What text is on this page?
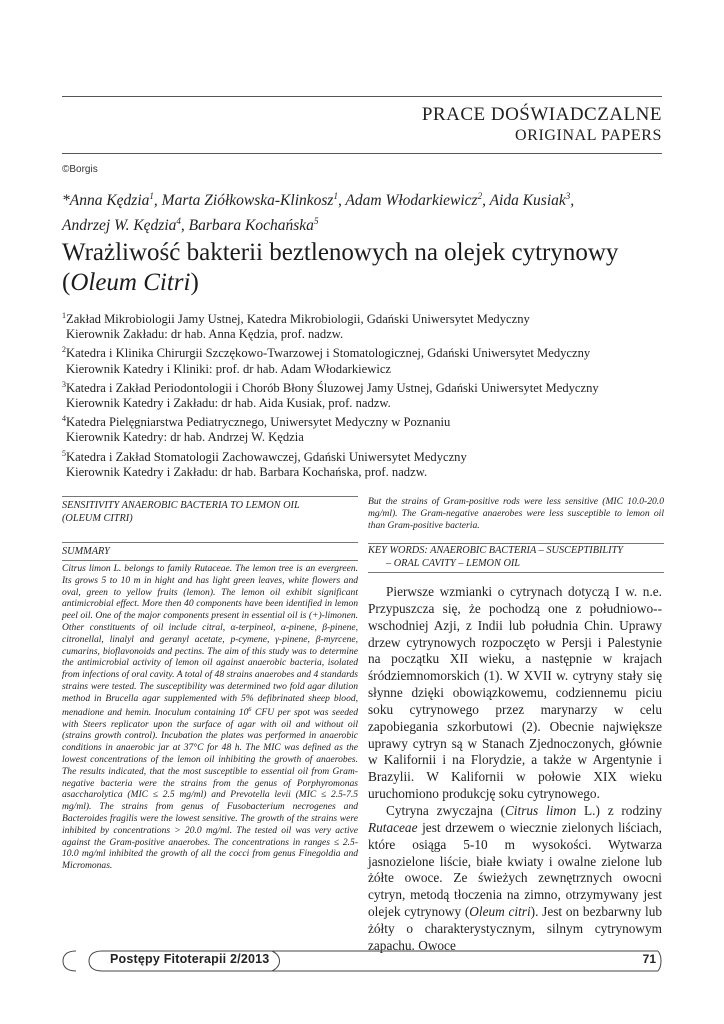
PRACE DOŚWIADCZALNE
ORIGINAL PAPERS
©Borgis
*Anna Kędzia$^1$, Marta Ziółkowska-Klinkosz$^1$, Adam Włodarkiewicz$^2$, Aida Kusiak$^3$,
Andrzej W. Kędzia$^4$, Barbara Kochańska$^5$
Wrażliwość bakterii beztlenowych na olejek cytrynowy
(Oleum Citri)
$^1$Zakład Mikrobiologii Jamy Ustnej, Katedra Mikrobiologii, Gdański Uniwersytet Medyczny
Kierownik Zakładu: dr hab. Anna Kędzia, prof. nadzw.
$^2$Katedra i Klinika Chirurgii Szczękowo-Twarzowej i Stomatologicznej, Gdański Uniwersytet Medyczny
Kierownik Katedry i Kliniki: prof. dr hab. Adam Włodarkiewicz
$^3$Katedra i Zakład Periodontologii i Chorób Błony Śluzowej Jamy Ustnej, Gdański Uniwersytet Medyczny
Kierownik Katedry i Zakładu: dr hab. Aida Kusiak, prof. nadzw.
$^4$Katedra Pielęgniarstwa Pediatrycznego, Uniwersytet Medyczny w Poznaniu
Kierownik Katedry: dr hab. Andrzej W. Kędzia
$^5$Katedra i Zakład Stomatologii Zachowawczej, Gdański Uniwersytet Medyczny
Kierownik Katedry i Zakładu: dr hab. Barbara Kochańska, prof. nadzw.
SENSITIVITY ANAEROBIC BACTERIA TO LEMON OIL
(OLEUM CITRI)
SUMMARY
Citrus limon L. belongs to family Rutaceae. The lemon tree is an evergreen. Its grows 5 to 10 m in hight and has light green leaves, white flowers and oval, green to yellow fruits (lemon). The lemon oil exhibit significant antimicrobial effect. More then 40 components have been identified in lemon peel oil. One of the major components present in essential oil is (+)-limonen. Other constituents of oil include citral, α-terpineol, α-pinene, β-pinene, citronellal, linalyl and geranyl acetate, p-cymene, γ-pinene, β-myrcene, cumarins, bioflavonoids and pectins. The aim of this study was to determine the antimicrobial activity of lemon oil against anaerobic bacteria, isolated from infections of oral cavity. A total of 48 strains anaerobes and 4 standards strains were tested. The susceptibility was determined two fold agar dilution method in Brucella agar supplemented with 5% defibrinated sheep blood, menadione and hemin. Inoculum containing $10^6$ CFU per spot was seeded with Steers replicator upon the surface of agar with oil and without oil (strains growth control). Incubation the plates was performed in anaerobic conditions in anaerobic jar at 37°C for 48 h. The MIC was defined as the lowest concentrations of the lemon oil inhibiting the growth of anaerobes. The results indicated, that the most susceptible to essential oil from Gram-negative bacteria were the strains from the genus of Porphyromonas asaccharolytica (MIC ≤ 2.5 mg/ml) and Prevotella levii (MIC ≤ 2.5-7.5 mg/ml). The strains from genus of Fusobacterium necrogenes and Bacteroides fragilis were the lowest sensitive. The growth of the strains were inhibited by concentrations > 20.0 mg/ml. The tested oil was very active against the Gram-positive anaerobes. The concentrations in ranges ≤ 2.5-10.0 mg/ml inhibited the growth of all the cocci from genus Finegoldia and Micromonas.
But the strains of Gram-positive rods were less sensitive (MIC 10.0-20.0 mg/ml). The Gram-negative anaerobes were less susceptible to lemon oil than Gram-positive bacteria.
KEY WORDS: ANAEROBIC BACTERIA – SUSCEPTIBILITY
– ORAL CAVITY – LEMON OIL

Pierwsze wzmianki o cytrynach dotyczą I w. n.e. Przypuszcza się, że pochodzą one z południowo--wschodniej Azji, z Indii lub południa Chin. Uprawy drzew cytrynowych rozpoczęto w Persji i Palestynie na początku XII wieku, a następnie w krajach śródziemnomorskich (1). W XVII w. cytryny stały się słynne dzięki obowiązkowemu, codziennemu piciu soku cytrynowego przez marynarzy w celu zapobiegania szkorbutowi (2). Obecnie największe uprawy cytryn są w Stanach Zjednoczonych, głównie w Kalifornii i na Florydzie, a także w Argentynie i Brazylii. W Kalifornii w połowie XIX wieku uruchomiono produkcję soku cytrynowego.

Cytryna zwyczajna (Citrus limon L.) z rodziny Rutaceae jest drzewem o wiecznie zielonych liściach, które osiąga 5-10 m wysokości. Wytwarza jasnozielone liście, białe kwiaty i owalne zielone lub żółte owoce. Ze świeżych zewnętrznych owocni cytryn, metodą tłoczenia na zimno, otrzymywany jest olejek cytrynowy (Oleum citri). Jest on bezbarwny lub żółty o charakterystycznym, silnym cytrynowym zapachu. Owoce

Postępy Fitoterapii 2/2013	71
